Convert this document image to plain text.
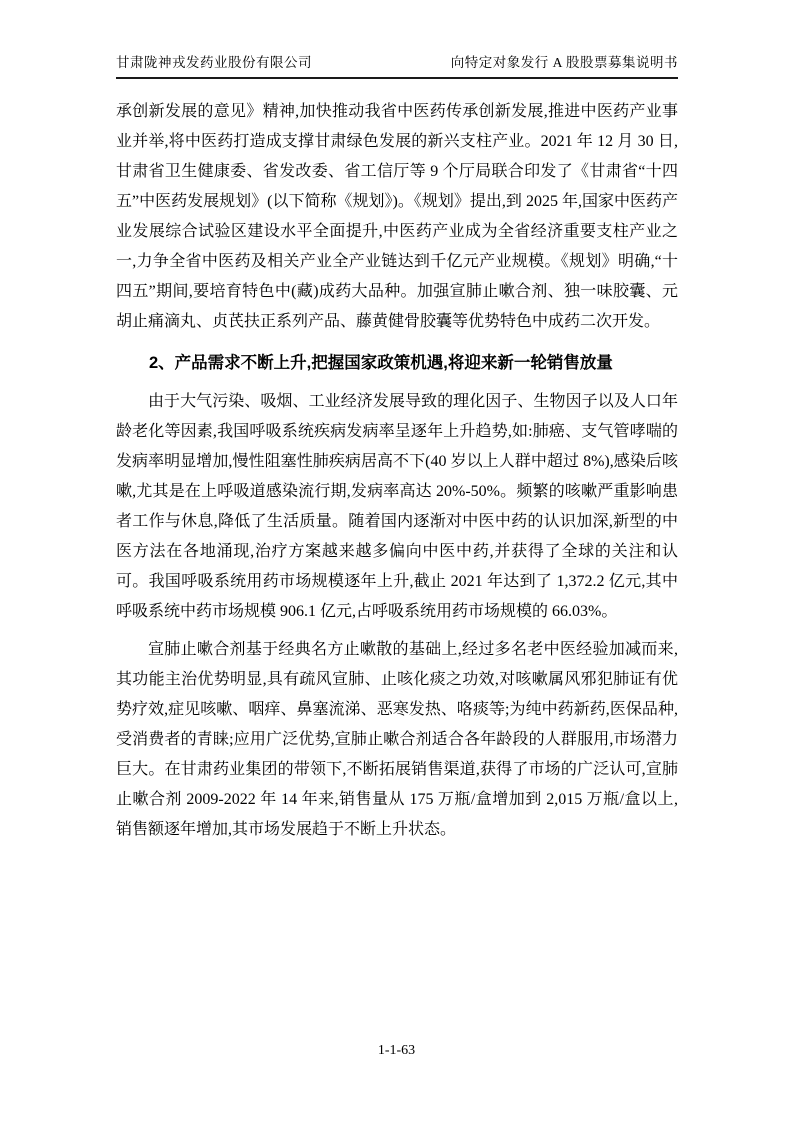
甘肃陇神戎发药业股份有限公司	向特定对象发行 A 股股票募集说明书

承创新发展的意见》精神,加快推动我省中医药传承创新发展,推进中医药产业事业并举,将中医药打造成支撑甘肃绿色发展的新兴支柱产业。2021 年 12 月 30 日,甘肃省卫生健康委、省发改委、省工信厅等 9 个厅局联合印发了《甘肃省“十四五”中医药发展规划》(以下简称《规划》)。《规划》提出,到 2025 年,国家中医药产业发展综合试验区建设水平全面提升,中医药产业成为全省经济重要支柱产业之一,力争全省中医药及相关产业全产业链达到千亿元产业规模。《规划》明确,“十四五”期间,要培育特色中(藏)成药大品种。加强宣肺止嗽合剂、独一味胶囊、元胡止痛滴丸、贞芪扶正系列产品、藤黄健骨胶囊等优势特色中成药二次开发。

2、产品需求不断上升,把握国家政策机遇,将迎来新一轮销售放量

由于大气污染、吸烟、工业经济发展导致的理化因子、生物因子以及人口年龄老化等因素,我国呼吸系统疾病发病率呈逐年上升趋势,如:肺癌、支气管哮喘的发病率明显增加,慢性阻塞性肺疾病居高不下(40 岁以上人群中超过 8%),感染后咳嗽,尤其是在上呼吸道感染流行期,发病率高达 20%-50%。频繁的咳嗽严重影响患者工作与休息,降低了生活质量。随着国内逐渐对中医中药的认识加深,新型的中医方法在各地涌现,治疗方案越来越多偏向中医中药,并获得了全球的关注和认可。我国呼吸系统用药市场规模逐年上升,截止 2021 年达到了 1,372.2 亿元,其中呼吸系统中药市场规模 906.1 亿元,占呼吸系统用药市场规模的 66.03%。

宣肺止嗽合剂基于经典名方止嗽散的基础上,经过多名老中医经验加减而来,其功能主治优势明显,具有疏风宣肺、止咳化痰之功效,对咳嗽属风邪犯肺证有优势疗效,症见咳嗽、咽痒、鼻塞流涕、恶寒发热、咯痰等;为纯中药新药,医保品种,受消费者的青睐;应用广泛优势,宣肺止嗽合剂适合各年龄段的人群服用,市场潜力巨大。在甘肃药业集团的带领下,不断拓展销售渠道,获得了市场的广泛认可,宣肺止嗽合剂 2009-2022 年 14 年来,销售量从 175 万瓶/盒增加到 2,015 万瓶/盒以上,销售额逐年增加,其市场发展趋于不断上升状态。

1-1-63
